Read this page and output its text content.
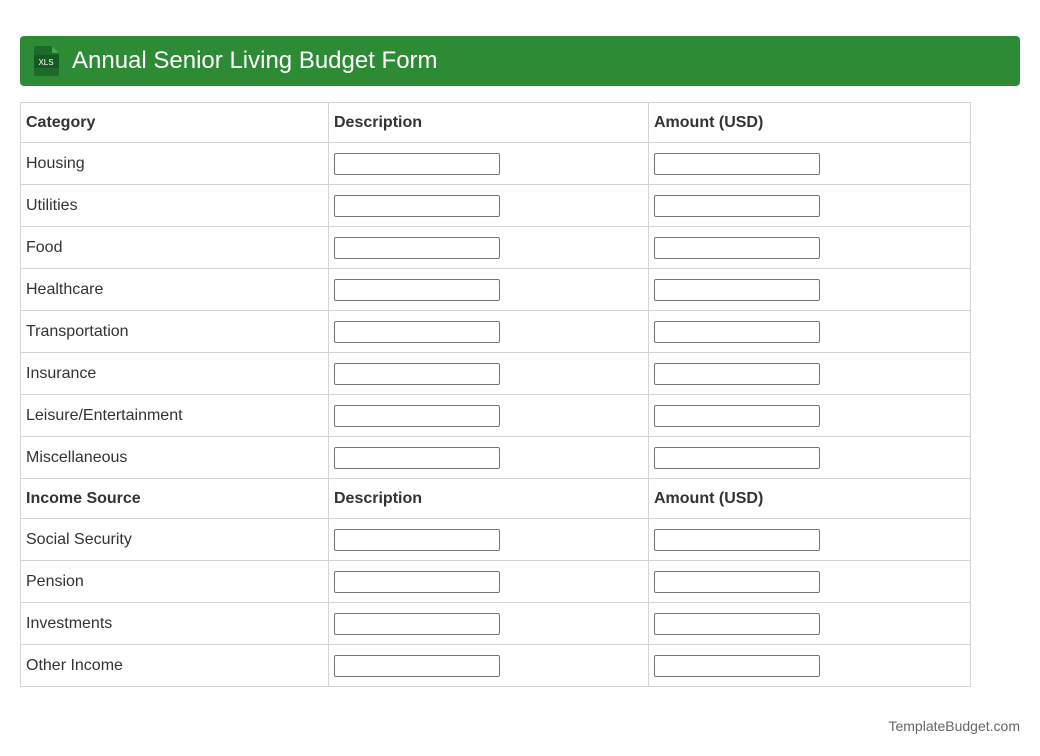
XLS Annual Senior Living Budget Form
Category	Description	Amount (USD)
Housing	

Utilities	

Food	

Healthcare	

Transportation	

Insurance	

Leisure/Entertainment	

Miscellaneous	

Income Source	Description	Amount (USD)
Social Security	

Pension	

Investments	

Other Income	

TemplateBudget.com
